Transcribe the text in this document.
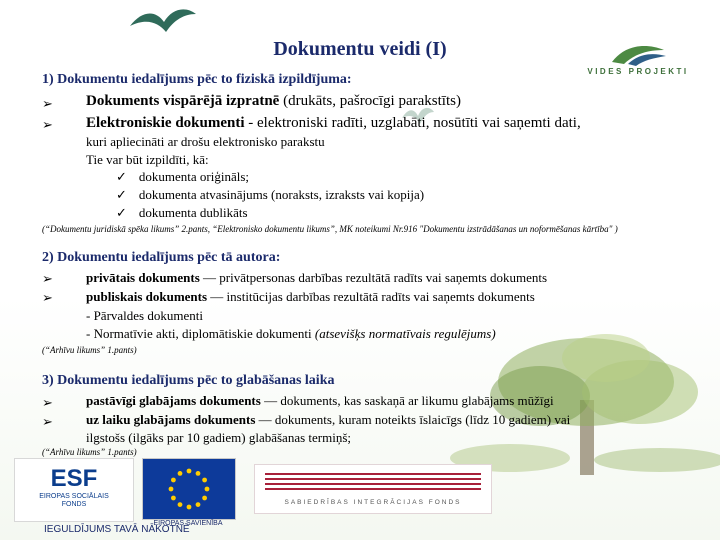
Dokumentu veidi (I)
VIDES PROJEKTI
1) Dokumentu iedalījums pēc to fiziskā izpildījuma:
➢ Dokuments vispārējā izpratnē (drukāts, pašrocīgi parakstīts)
➢ Elektroniskie dokumenti - elektroniski radīti, uzglabāti, nosūtīti vai saņemti dati,
kuri apliecināti ar drošu elektronisko parakstu
Tie var būt izpildīti, kā:
✓ dokumenta oriģināls;
✓ dokumenta atvasinājums (noraksts, izraksts vai kopija)
✓ dokumenta dublikāts
(“Dokumentu juridiskā spēka likums” 2.pants, “Elektronisko dokumentu likums”, MK noteikumi Nr.916 "Dokumentu izstrādāšanas un noformēšanas kārtība" )
2) Dokumentu iedalījums pēc tā autora:
➢	privātais dokuments — privātpersonas darbības rezultātā radīts vai saņemts dokuments
➢	publiskais dokuments — institūcijas darbības rezultātā radīts vai saņemts dokuments
- Pārvaldes dokumenti
- Normatīvie akti, diplomātiskie dokumenti (atsevišķs normatīvais regulējums)
(“Arhīvu likums” 1.pants)
3) Dokumentu iedalījums pēc to glabāšanas laika
➢	pastāvīgi glabājams dokuments — dokuments, kas saskaņā ar likumu glabājams mūžīgi
➢	uz laiku glabājams dokuments — dokuments, kuram noteikts īslaicīgs (līdz 10 gadiem) vai
ilgstošs (ilgāks par 10 gadiem) glabāšanas termiņš;
(“Arhīvu likums” 1.pants)
ESF
EIROPAS SOCIĀLAIS
FONDS
EIROPAS SAVIENĪBA
SABIEDRĪBAS INTEGRĀCIJAS FONDS
IEGULDĪJUMS TAVĀ NĀKOTNĒ
